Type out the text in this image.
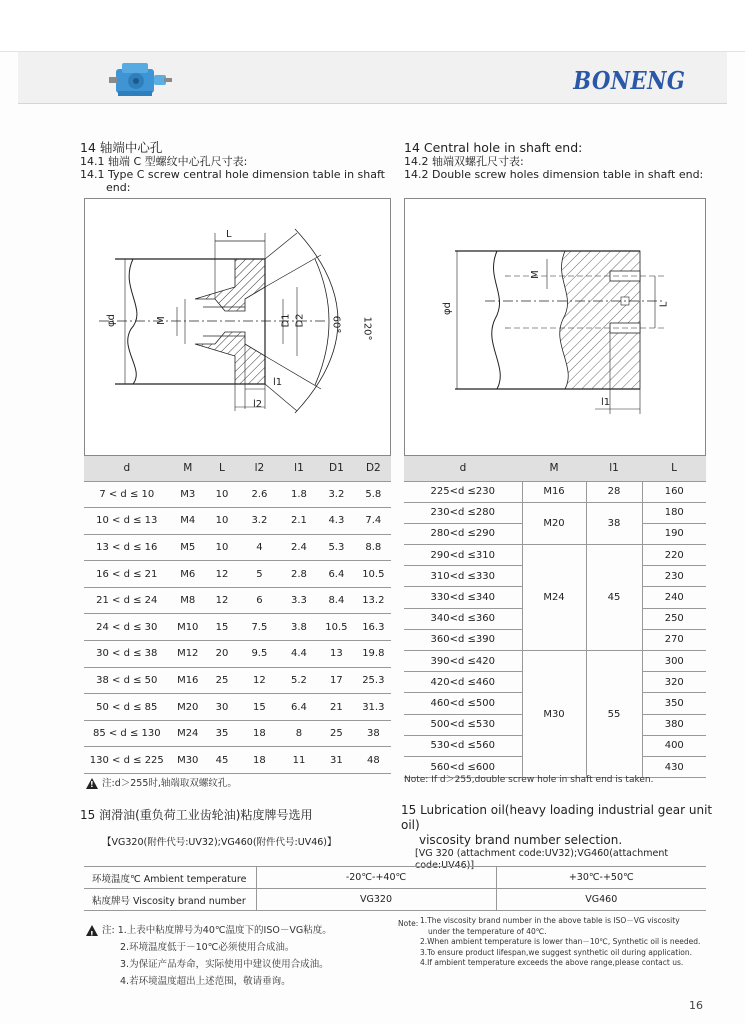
BONENG
14 轴端中心孔
14.1 轴端 C 型螺纹中心孔尺寸表:
14.1 Type C screw central hole dimension table in shaft
end:
14 Central hole in shaft end:
14.2 轴端双螺孔尺寸表:
14.2 Double screw holes dimension table in shaft end:
L
φd	M	D1 D2 60° 120°
l1
l2
M
φd	L
l1
d	M	L	l2	l1	D1	D2
7 < d ≤ 10	M3	10	2.6	1.8	3.2	5.8
10 < d ≤ 13	M4	10	3.2	2.1	4.3	7.4
13 < d ≤ 16	M5	10	4	2.4	5.3	8.8
16 < d ≤ 21	M6	12	5	2.8	6.4	10.5
21 < d ≤ 24	M8	12	6	3.3	8.4	13.2
24 < d ≤ 30	M10	15	7.5	3.8	10.5	16.3
30 < d ≤ 38	M12	20	9.5	4.4	13	19.8
38 < d ≤ 50	M16	25	12	5.2	17	25.3
50 < d ≤ 85	M20	30	15	6.4	21	31.3
85 < d ≤ 130	M24	35	18	8	25	38
130 < d ≤ 225	M30	45	18	11	31	48
d	M	l1	L
225<d ≤230	M16	28	160
230<d ≤280	M20	38	180
280<d ≤290			190
290<d ≤310	M24	45	220
310<d ≤330			230
330<d ≤340			240
340<d ≤360			250
360<d ≤390			270
390<d ≤420	M30	55	300
420<d ≤460			320
460<d ≤500			350
500<d ≤530			380
530<d ≤560			400
560<d ≤600			430
!注:d＞255时,轴端取双螺纹孔。	Note: If d＞255,double screw hole in shaft end is taken.
15 润滑油(重负荷工业齿轮油)粘度牌号选用
【VG320(附件代号:UV32);VG460(附件代号:UV46)】
15 Lubrication oil(heavy loading industrial gear unit oil)
viscosity brand number selection.
[VG 320 (attachment code:UV32);VG460(attachment
code:UV46)]
环境温度℃ Ambient temperature	-20℃-+40℃	+30℃-+50℃
粘度牌号 Viscosity brand number	VG320	VG460
!注: 1.上表中粘度牌号为40℃温度下的ISO－VG粘度。
2.环境温度低于－10℃必须使用合成油。
3.为保证产品寿命，实际使用中建议使用合成油。
4.若环境温度超出上述范围，敬请垂询。
Note: 1.The viscosity brand number in the above table is ISO－VG viscosity
under the temperature of 40℃.
2.When ambient temperature is lower than－10℃, Synthetic oil is needed.
3.To ensure product lifespan,we suggest synthetic oil during application.
4.If ambient temperature exceeds the above range,please contact us.
16
